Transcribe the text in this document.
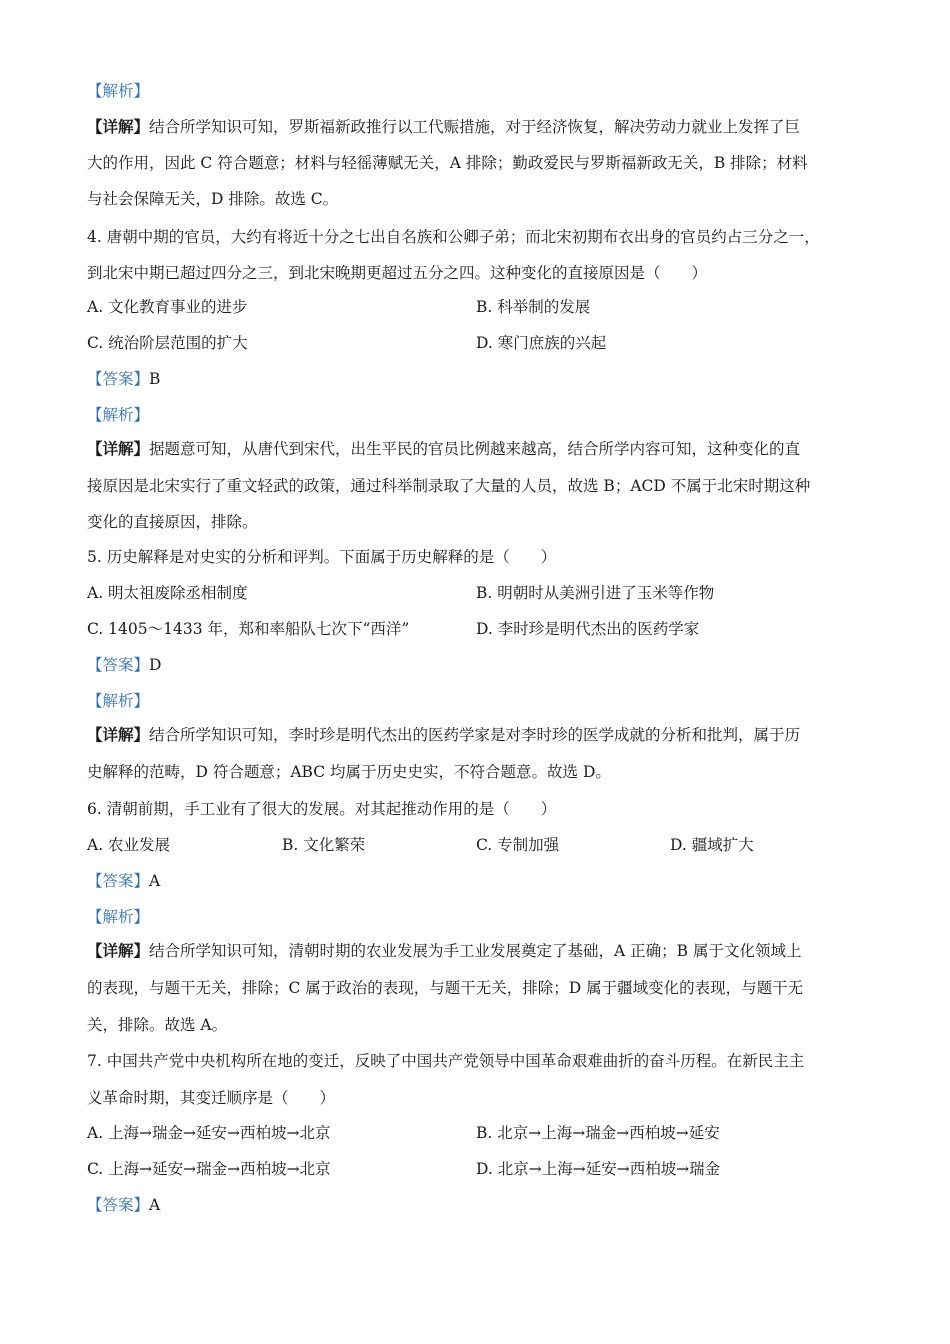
【解析】
【详解】结合所学知识可知，罗斯福新政推行以工代赈措施，对于经济恢复，解决劳动力就业上发挥了巨
大的作用，因此 C 符合题意；材料与轻徭薄赋无关，A 排除；勤政爱民与罗斯福新政无关，B 排除；材料
与社会保障无关，D 排除。故选 C。
4. 唐朝中期的官员，大约有将近十分之七出自名族和公卿子弟；而北宋初期布衣出身的官员约占三分之一，
到北宋中期已超过四分之三，到北宋晚期更超过五分之四。这种变化的直接原因是（　　）
A. 文化教育事业的进步	B. 科举制的发展
C. 统治阶层范围的扩大	D. 寒门庶族的兴起
【答案】B
【解析】
【详解】据题意可知，从唐代到宋代，出生平民的官员比例越来越高，结合所学内容可知，这种变化的直
接原因是北宋实行了重文轻武的政策，通过科举制录取了大量的人员，故选 B；ACD 不属于北宋时期这种
变化的直接原因，排除。
5. 历史解释是对史实的分析和评判。下面属于历史解释的是（　　）
A. 明太祖废除丞相制度	B. 明朝时从美洲引进了玉米等作物
C. 1405～1433 年，郑和率船队七次下“西洋”	D. 李时珍是明代杰出的医药学家
【答案】D
【解析】
【详解】结合所学知识可知，李时珍是明代杰出的医药学家是对李时珍的医学成就的分析和批判，属于历
史解释的范畴，D 符合题意；ABC 均属于历史史实，不符合题意。故选 D。
6. 清朝前期，手工业有了很大的发展。对其起推动作用的是（　　）
A. 农业发展	B. 文化繁荣	C. 专制加强	D. 疆域扩大
【答案】A
【解析】
【详解】结合所学知识可知，清朝时期的农业发展为手工业发展奠定了基础，A 正确；B 属于文化领域上
的表现，与题干无关，排除；C 属于政治的表现，与题干无关，排除；D 属于疆域变化的表现，与题干无
关，排除。故选 A。
7. 中国共产党中央机构所在地的变迁，反映了中国共产党领导中国革命艰难曲折的奋斗历程。在新民主主
义革命时期，其变迁顺序是（　　）
A. 上海→瑞金→延安→西柏坡→北京	B. 北京→上海→瑞金→西柏坡→延安
C. 上海→延安→瑞金→西柏坡→北京	D. 北京→上海→延安→西柏坡→瑞金
【答案】A
